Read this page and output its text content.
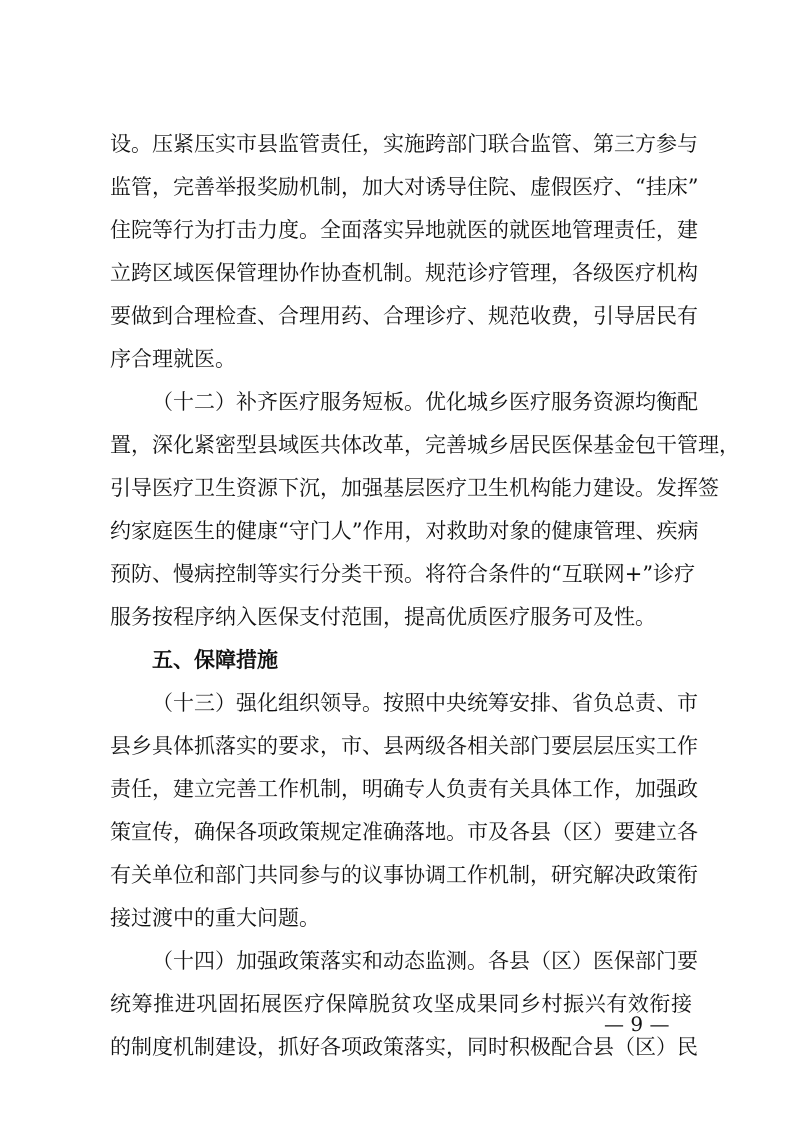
设。压紧压实市县监管责任，实施跨部门联合监管、第三方参与
监管，完善举报奖励机制，加大对诱导住院、虚假医疗、“挂床”
住院等行为打击力度。全面落实异地就医的就医地管理责任，建
立跨区域医保管理协作协查机制。规范诊疗管理，各级医疗机构
要做到合理检查、合理用药、合理诊疗、规范收费，引导居民有
序合理就医。
（十二）补齐医疗服务短板。优化城乡医疗服务资源均衡配
置，深化紧密型县域医共体改革，完善城乡居民医保基金包干管理，
引导医疗卫生资源下沉，加强基层医疗卫生机构能力建设。发挥签
约家庭医生的健康“守门人”作用，对救助对象的健康管理、疾病
预防、慢病控制等实行分类干预。将符合条件的“互联网+”诊疗
服务按程序纳入医保支付范围，提高优质医疗服务可及性。
五、保障措施
（十三）强化组织领导。按照中央统筹安排、省负总责、市
县乡具体抓落实的要求，市、县两级各相关部门要层层压实工作
责任，建立完善工作机制，明确专人负责有关具体工作，加强政
策宣传，确保各项政策规定准确落地。市及各县（区）要建立各
有关单位和部门共同参与的议事协调工作机制，研究解决政策衔
接过渡中的重大问题。
（十四）加强政策落实和动态监测。各县（区）医保部门要
统筹推进巩固拓展医疗保障脱贫攻坚成果同乡村振兴有效衔接
的制度机制建设，抓好各项政策落实，同时积极配合县（区）民
— 9 —
